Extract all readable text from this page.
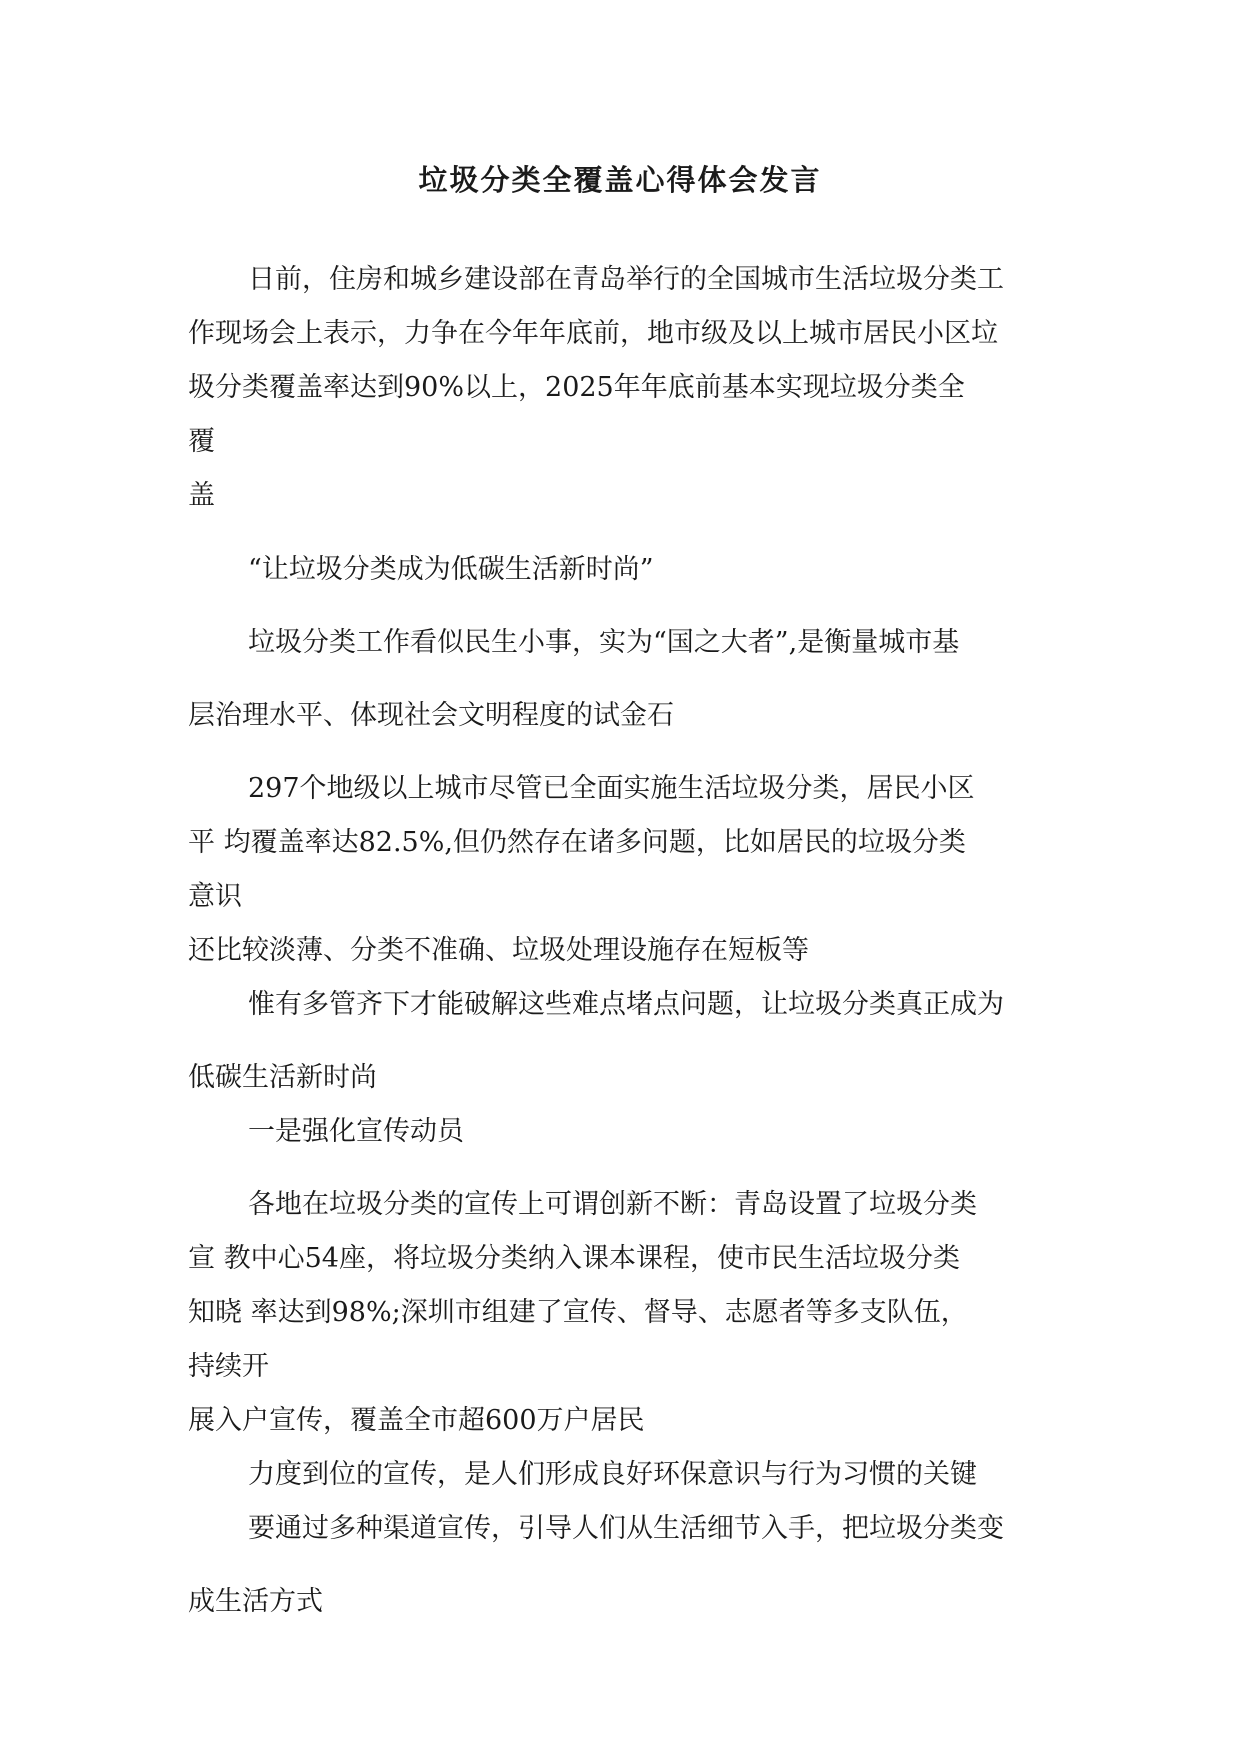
垃圾分类全覆盖心得体会发言
日前，住房和城乡建设部在青岛举行的全国城市生活垃圾分类工
作现场会上表示，力争在今年年底前，地市级及以上城市居民小区垃
圾分类覆盖率达到90%以上，2025年年底前基本实现垃圾分类全
覆
盖
“让垃圾分类成为低碳生活新时尚”
垃圾分类工作看似民生小事，实为“国之大者”,是衡量城市基
层治理水平、体现社会文明程度的试金石
297个地级以上城市尽管已全面实施生活垃圾分类，居民小区
平 均覆盖率达82.5%,但仍然存在诸多问题，比如居民的垃圾分类
意识
还比较淡薄、分类不准确、垃圾处理设施存在短板等
惟有多管齐下才能破解这些难点堵点问题，让垃圾分类真正成为
低碳生活新时尚
一是强化宣传动员
各地在垃圾分类的宣传上可谓创新不断：青岛设置了垃圾分类
宣 教中心54座，将垃圾分类纳入课本课程，使市民生活垃圾分类
知晓 率达到98%;深圳市组建了宣传、督导、志愿者等多支队伍，
持续开
展入户宣传，覆盖全市超600万户居民
力度到位的宣传，是人们形成良好环保意识与行为习惯的关键
要通过多种渠道宣传，引导人们从生活细节入手，把垃圾分类变
成生活方式
